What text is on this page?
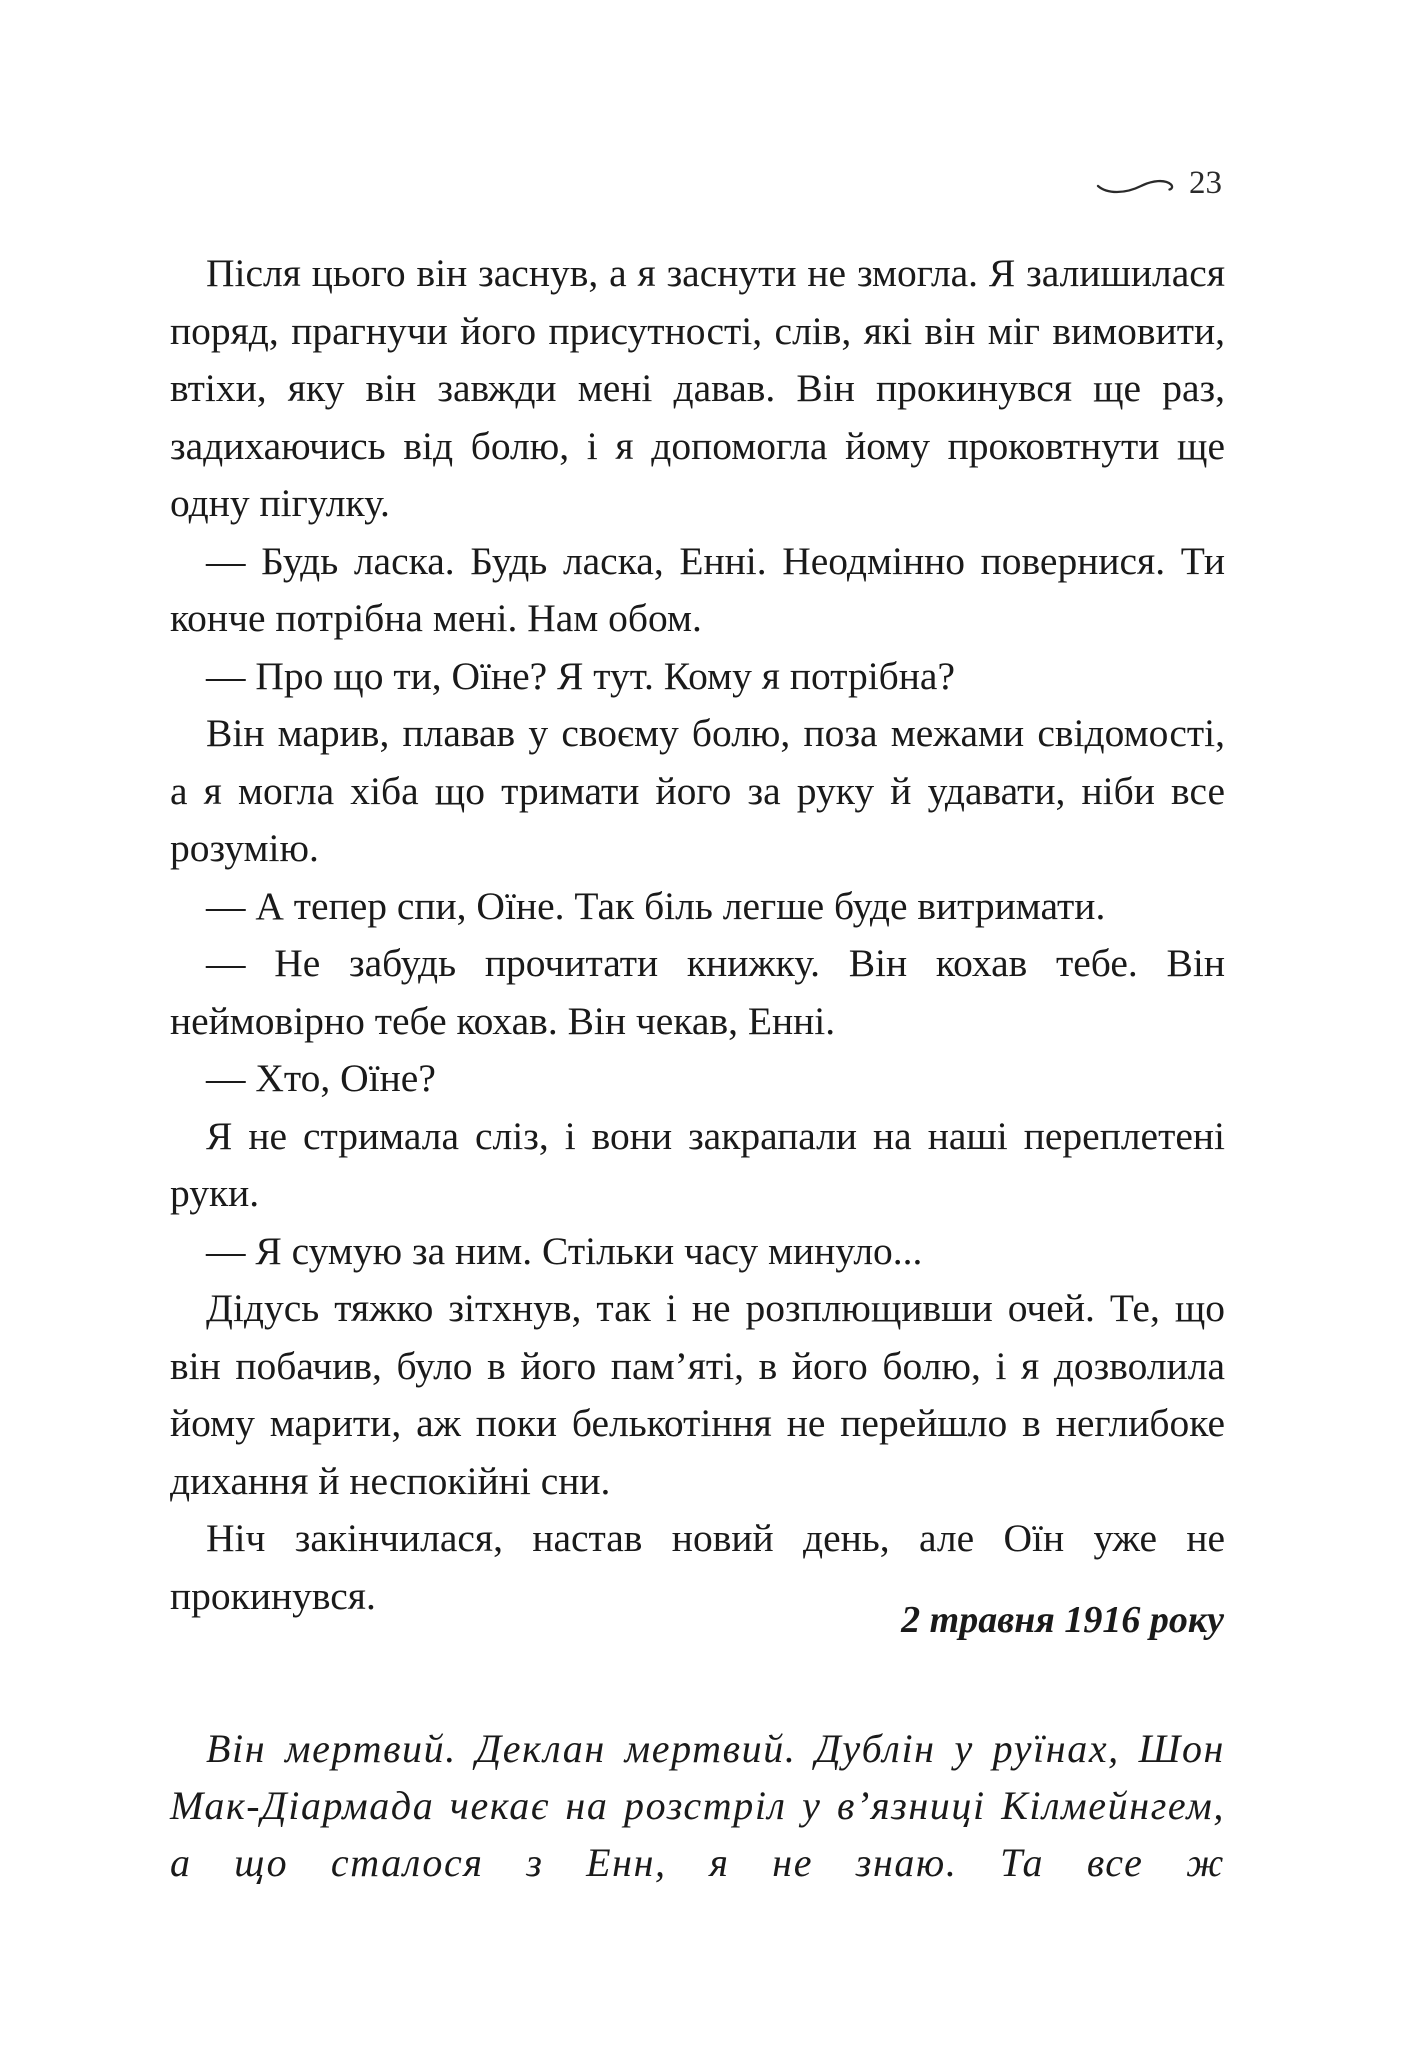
23

Після цього він заснув, а я заснути не змогла. Я залишилася поряд, прагнучи його присутності, слів, які він міг вимовити, втіхи, яку він завжди мені давав. Він прокинувся ще раз, задихаючись від болю, і я допомогла йому проковтнути ще одну пігулку.

— Будь ласка. Будь ласка, Енні. Неодмінно повернися. Ти конче потрібна мені. Нам обом.

— Про що ти, Оїне? Я тут. Кому я потрібна?

Він марив, плавав у своєму болю, поза межами свідомості, а я могла хіба що тримати його за руку й удавати, ніби все розумію.

— А тепер спи, Оїне. Так біль легше буде витримати.

— Не забудь прочитати книжку. Він кохав тебе. Він неймовірно тебе кохав. Він чекав, Енні.

— Хто, Оїне?

Я не стримала сліз, і вони закрапали на наші переплетені руки.

— Я сумую за ним. Стільки часу минуло...

Дідусь тяжко зітхнув, так і не розплющивши очей. Те, що він побачив, було в його пам’яті, в його болю, і я дозволила йому марити, аж поки белькотіння не перейшло в неглибоке дихання й неспокійні сни.

Ніч закінчилася, настав новий день, але Оїн уже не прокинувся.

2 травня 1916 року

Він мертвий. Деклан мертвий. Дублін у руїнах, Шон Мак-Діармада чекає на розстріл у в’язниці Кілмейнгем, а що сталося з Енн, я не знаю. Та все ж
